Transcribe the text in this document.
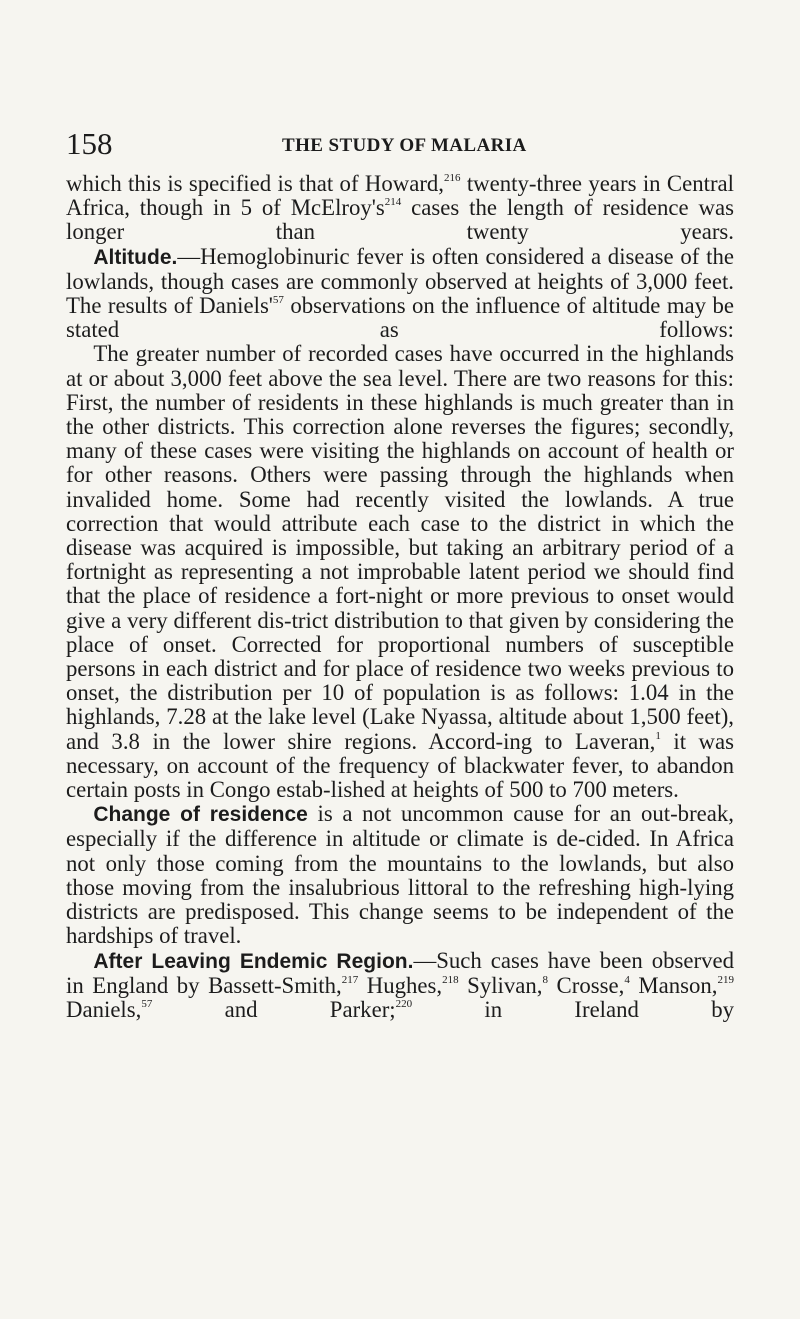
158	THE STUDY OF MALARIA

which this is specified is that of Howard,$^{216}$ twenty-three years in Central Africa, though in 5 of $McElroy's^{214}$ cases the length of residence was longer than twenty years.

Altitude.—Hemoglobinuric fever is often considered a disease of the lowlands, though cases are commonly observed at heights of 3,000 feet. The results of $Daniels'^{57}$ observations on the influence of altitude may be stated as follows:

The greater number of recorded cases have occurred in the highlands at or about 3,000 feet above the sea level. There are two reasons for this: First, the number of residents in these highlands is much greater than in the other districts. This correction alone reverses the figures; secondly, many of these cases were visiting the highlands on account of health or for other reasons. Others were passing through the highlands when invalided home. Some had recently visited the lowlands. A true correction that would attribute each case to the district in which the disease was acquired is impossible, but taking an arbitrary period of a fortnight as representing a not improbable latent period we should find that the place of residence a fort-night or more previous to onset would give a very different dis-trict distribution to that given by considering the place of onset. Corrected for proportional numbers of susceptible persons in each district and for place of residence two weeks previous to onset, the distribution per 10 of population is as follows: 1.04 in the highlands, 7.28 at the lake level (Lake Nyassa, altitude about 1,500 feet), and 3.8 in the lower shire regions. Accord-ing to Laveran,$^1$ it was necessary, on account of the frequency of blackwater fever, to abandon certain posts in Congo estab-lished at heights of 500 to 700 meters.

Change of residence is a not uncommon cause for an out-break, especially if the difference in altitude or climate is de-cided. In Africa not only those coming from the mountains to the lowlands, but also those moving from the insalubrious littoral to the refreshing high-lying districts are predisposed. This change seems to be independent of the hardships of travel.

After Leaving Endemic Region.—Such cases have been observed in England by Bassett-Smith,$^{217}$ Hughes,$^{218}$ Sylivan,$^8$ Crosse,$^4$ Manson,$^{219}$ Daniels,$^{57}$ and Parker;$^{220}$ in Ireland by
